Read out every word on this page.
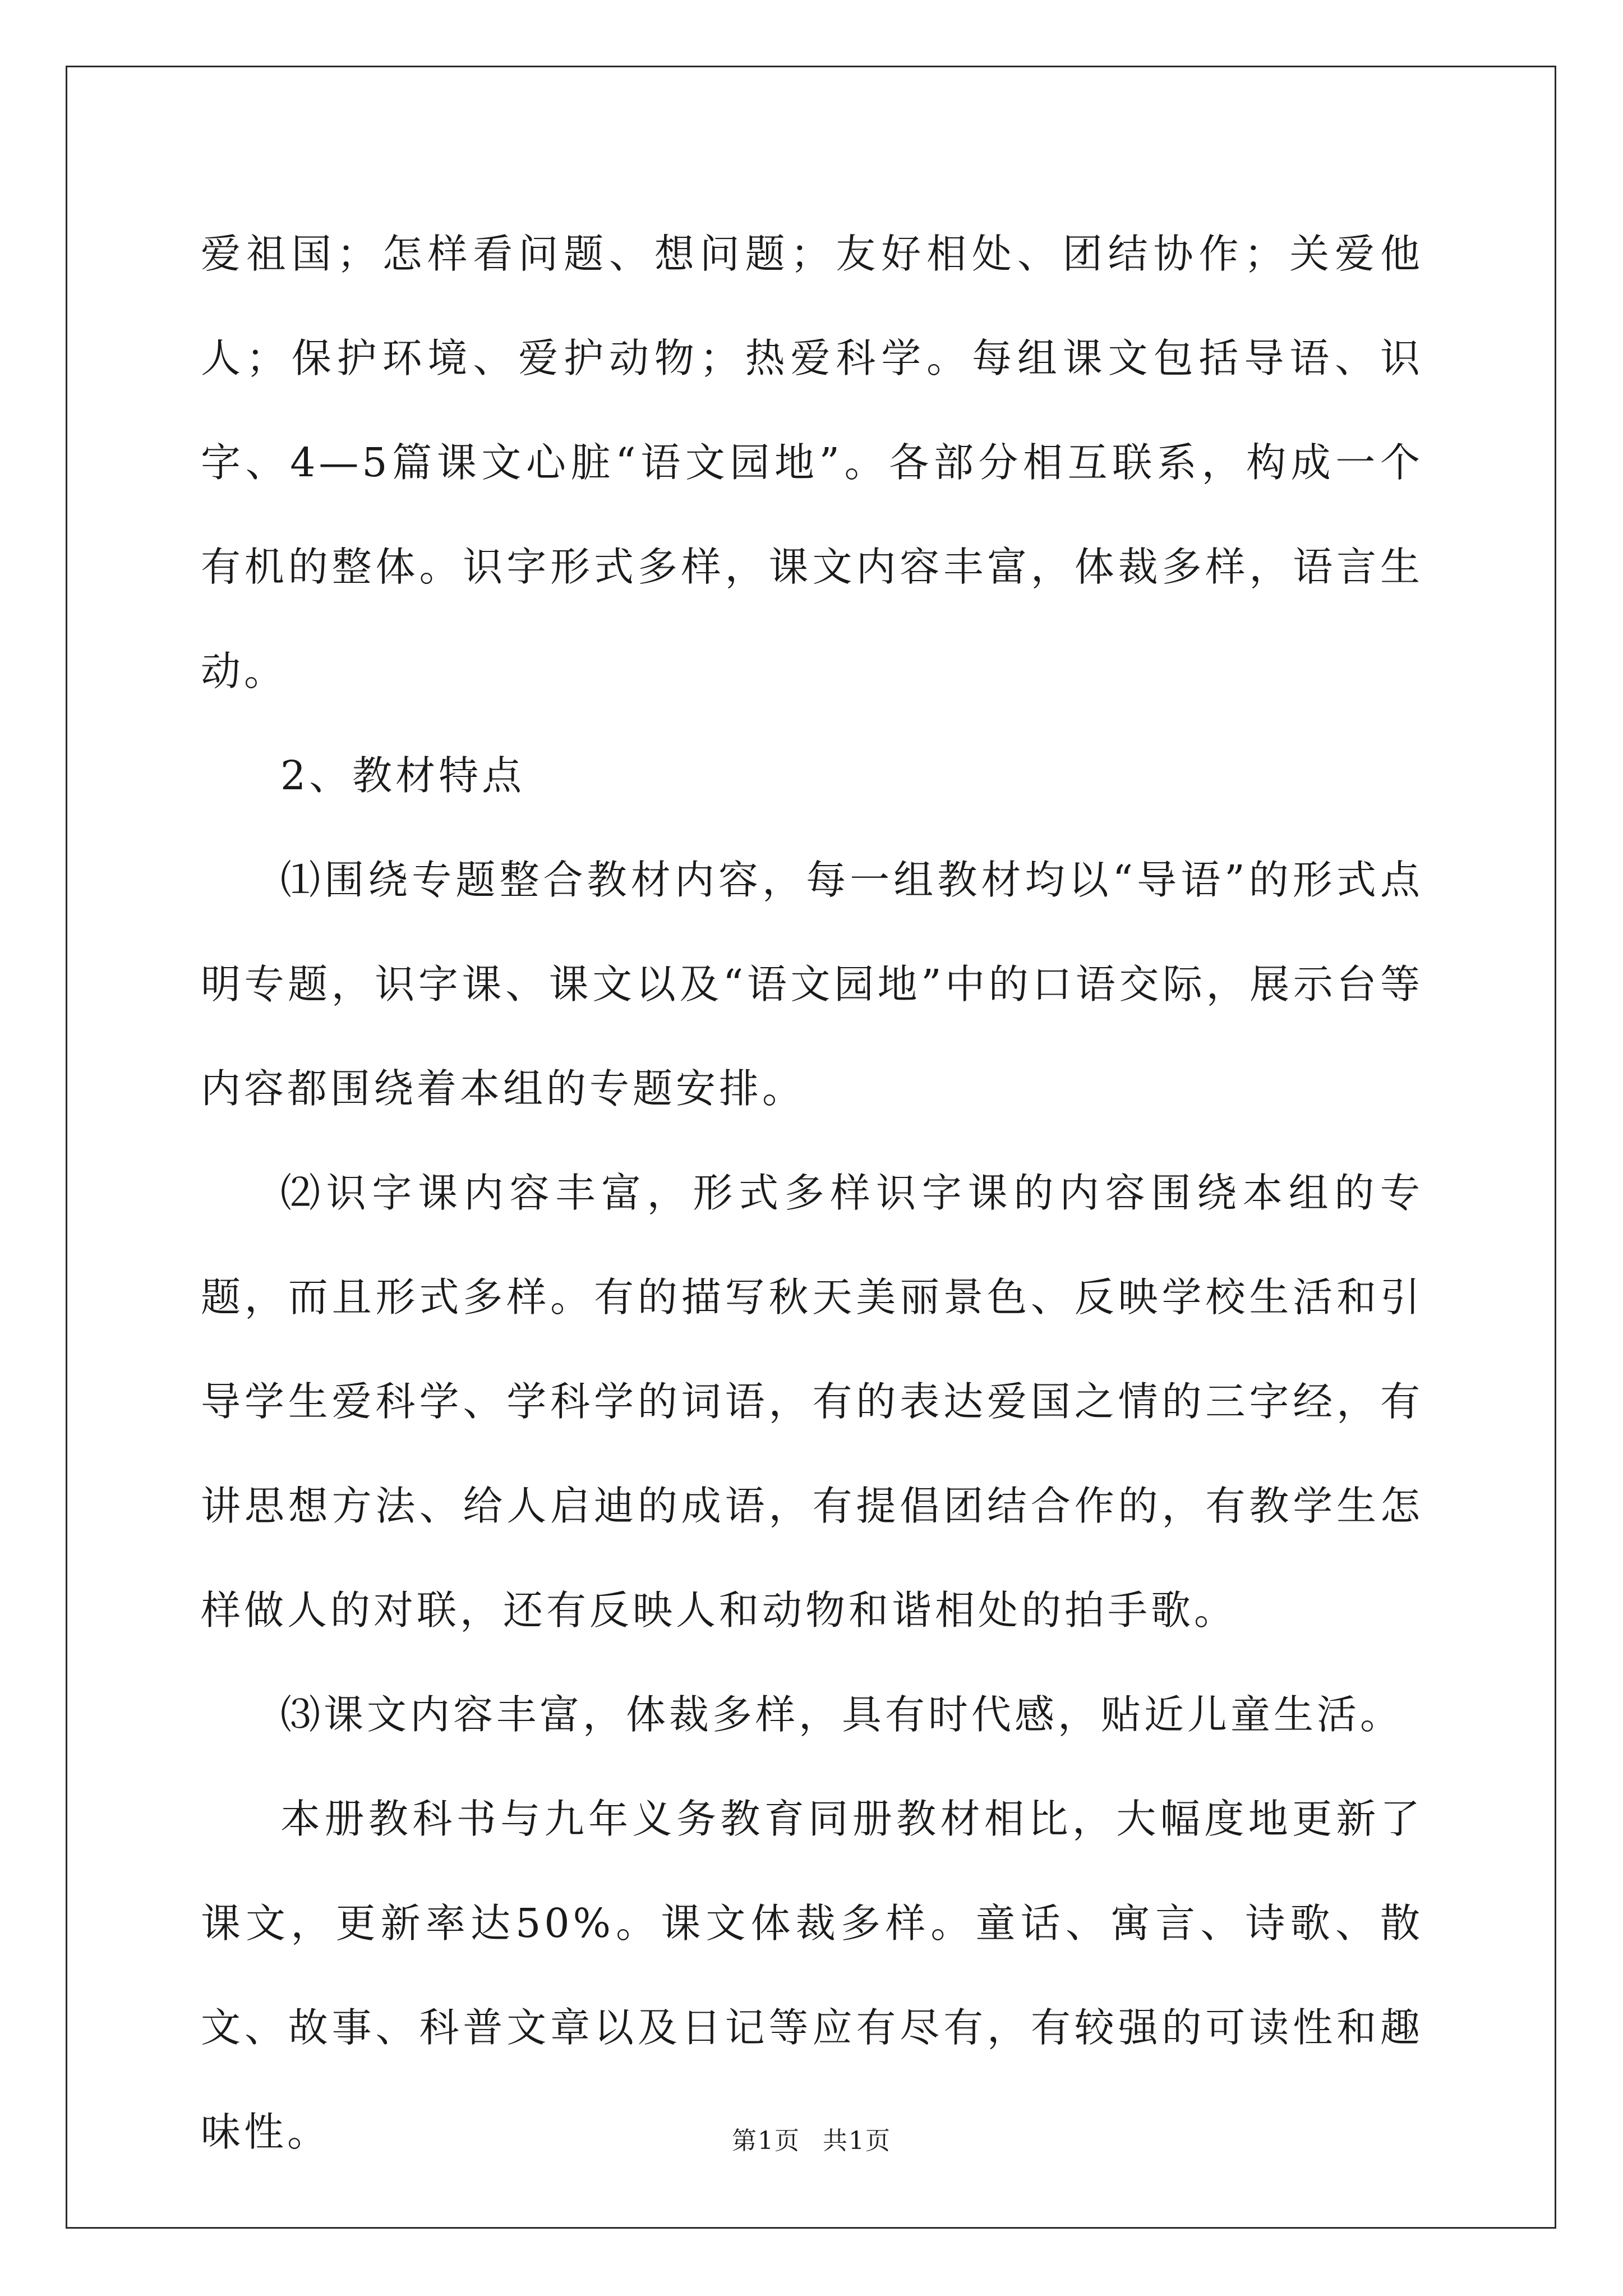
爱祖国；怎样看问题、想问题；友好相处、团结协作；关爱他人；保护环境、爱护动物；热爱科学。每组课文包括导语、识字、4—5篇课文心脏“语文园地”。各部分相互联系，构成一个有机的整体。识字形式多样，课文内容丰富，体裁多样，语言生动。

2、教材特点

⑴围绕专题整合教材内容，每一组教材均以“导语”的形式点明专题，识字课、课文以及“语文园地”中的口语交际，展示台等内容都围绕着本组的专题安排。

⑵识字课内容丰富，形式多样识字课的内容围绕本组的专题，而且形式多样。有的描写秋天美丽景色、反映学校生活和引导学生爱科学、学科学的词语，有的表达爱国之情的三字经，有讲思想方法、给人启迪的成语，有提倡团结合作的，有教学生怎样做人的对联，还有反映人和动物和谐相处的拍手歌。

⑶课文内容丰富，体裁多样，具有时代感，贴近儿童生活。

本册教科书与九年义务教育同册教材相比，大幅度地更新了课文，更新率达50%。课文体裁多样。童话、寓言、诗歌、散文、故事、科普文章以及日记等应有尽有，有较强的可读性和趣味性。	第1页 共1页
